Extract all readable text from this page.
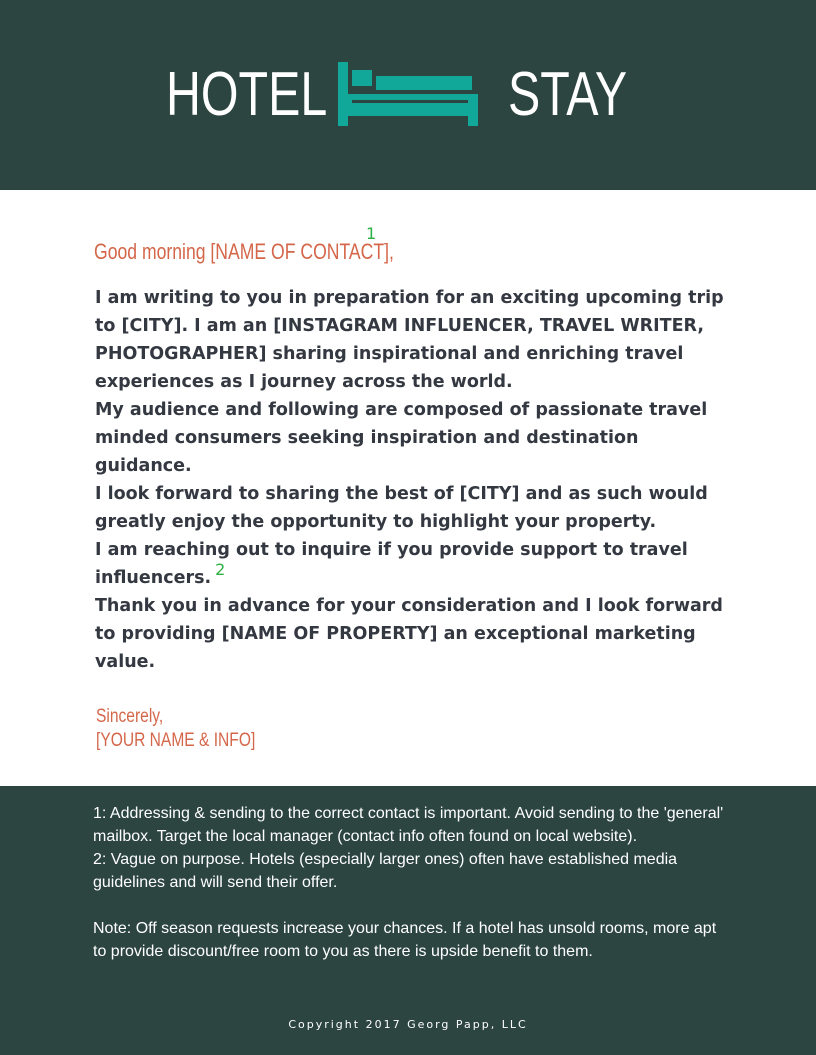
HOTEL	STAY
Good morning [NAME OF CONTACT],
1

I am writing to you in preparation for an exciting upcoming trip to [CITY]. I am an [INSTAGRAM INFLUENCER, TRAVEL WRITER, PHOTOGRAPHER] sharing inspirational and enriching travel experiences as I journey across the world.

My audience and following are composed of passionate travel minded consumers seeking inspiration and destination guidance.

I look forward to sharing the best of [CITY] and as such would greatly enjoy the opportunity to highlight your property.

I am reaching out to inquire if you provide support to travel influencers. 2

Thank you in advance for your consideration and I look forward to providing [NAME OF PROPERTY] an exceptional marketing value.

Sincerely,
[YOUR NAME & INFO]

1: Addressing & sending to the correct contact is important. Avoid sending to the 'general' mailbox. Target the local manager (contact info often found on local website).

2: Vague on purpose. Hotels (especially larger ones) often have established media guidelines and will send their offer.

Note: Off season requests increase your chances. If a hotel has unsold rooms, more apt to provide discount/free room to you as there is upside benefit to them.

Copyright 2017 Georg Papp, LLC
